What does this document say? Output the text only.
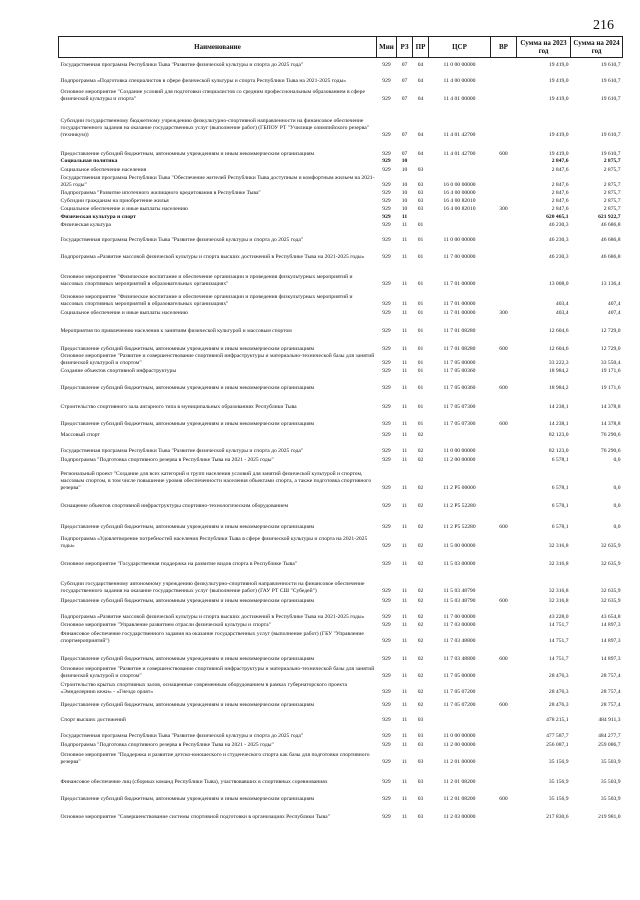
216
Наименование	Мин	РЗ	ПР	ЦСР	ВР	Сумма на 2023 год	Сумма на 2024 год
Государственная программа Республики Тыва "Развитие физической культуры и спорта до 2025 года"	929	07	04	11 0 00 00000		19 419,0	19 610,7
Подпрограмма «Подготовка специалистов в сфере физической культуры и спорта Республики Тыва на 2021-2025 годы»	929	07	04	11 4 00 00000		19 419,0	19 610,7
Основное мероприятие "Создание условий для подготовки специалистов со средним профессиональным образованием в сфере физической культуры и спорта"	929	07	04	11 4 01 00000		19 419,0	19 610,7
Субсидии государственному бюджетному учреждению физкультурно-спортивной направленности на финансовое обеспечение государственного задания на оказание государственных услуг (выполнение работ) (ГБПОУ РТ "Училище олимпийского резерва" (техникум))	929	07	04	11 4 01 42700		19 419,0	19 610,7
Предоставление субсидий бюджетным, автономным учреждениям и иным некоммерческим организациям	929	07	04	11 4 01 42700	600	19 419,0	19 610,7
Социальная политика	929	10				2 847,6	2 875,7
Социальное обеспечение населения	929	10	03			2 847,6	2 875,7
Государственная программа Республики Тыва "Обеспечение жителей Республики Тыва доступным и комфортным жильем на 2021-2025 годы"	929	10	03	16 0 00 00000		2 847,6	2 875,7
Подпрограмма "Развитие ипотечного жилищного кредитования в Республике Тыва"	929	10	03	16 4 00 00000		2 847,6	2 875,7
Субсидии гражданам на приобретение жилья	929	10	03	16 4 00 82010		2 847,6	2 875,7
Социальное обеспечение и иные выплаты населению	929	10	03	16 4 00 82010	300	2 847,6	2 875,7
Физическая культура и спорт	929	11				620 465,1	621 922,7
Физическая культура	929	11	01			46 230,3	46 686,8
Государственная программа Республики Тыва "Развитие физической культуры и спорта до 2025 года"	929	11	01	11 0 00 00000		46 230,3	46 686,8
Подпрограмма «Развитие массовой физической культуры и спорта высших достижений в Республике Тыва на 2021-2025 годы»	929	11	01	11 7 00 00000		46 230,3	46 686,8
Основное мероприятие "Физическое воспитание и обеспечение организации и проведения физкультурных мероприятий и массовых спортивных мероприятий в образовательных организациях"	929	11	01	11 7 01 00000		13 008,0	13 136,4
Основное мероприятие "Физическое воспитание и обеспечение организации и проведения физкультурных мероприятий и массовых спортивных мероприятий в образовательных организациях"	929	11	01	11 7 01 00000		403,4	407,4
Социальное обеспечение и иные выплаты населению	929	11	01	11 7 01 00000	300	403,4	407,4
Мероприятия по привлечению населения к занятиям физической культурой и массовым спортом	929	11	01	11 7 01 08280		12 604,6	12 729,0
Предоставление субсидий бюджетным, автономным учреждениям и иным некоммерческим организациям	929	11	01	11 7 01 08280	600	12 604,6	12 729,0
Основное мероприятие "Развитие и совершенствование спортивной инфраструктуры и материально-технической базы для занятий физической культурой и спортом"	929	11	01	11 7 05 00000		33 222,3	33 550,4
Создание объектов спортивной инфраструктуры	929	11	01	11 7 05 00360		18 984,2	19 171,6
Предоставление субсидий бюджетным, автономным учреждениям и иным некоммерческим организациям	929	11	01	11 7 05 00360	600	18 984,2	19 171,6
Строительство спортивного зала ангарного типа в муниципальных образованиях Республики Тыва	929	11	01	11 7 05 07300		14 238,1	14 378,8
Предоставление субсидий бюджетным, автономным учреждениям и иным некоммерческим организациям	929	11	01	11 7 05 07300	600	14 238,1	14 378,8
Массовый спорт	929	11	02			82 123,0	76 290,6
Государственная программа Республики Тыва "Развитие физической культуры и спорта до 2025 года"	929	11	02	11 0 00 00000		82 123,0	76 290,6
Подпрограмма "Подготовка спортивного резерва в Республике Тыва на 2021 - 2025 годы"	929	11	02	11 2 00 00000		6 578,1	0,0
Региональный проект "Создание для всех категорий и групп населения условий для занятий физической культурой и спортом, массовым спортом, в том числе повышение уровня обеспеченности населения объектами спорта, а также подготовка спортивного резерва"	929	11	02	11 2 P5 00000		6 578,1	0,0
Оснащение объектов спортивной инфраструктуры спортивно-технологическим оборудованием	929	11	02	11 2 P5 52280		6 578,1	0,0
Предоставление субсидий бюджетным, автономным учреждениям и иным некоммерческим организациям	929	11	02	11 2 P5 52280	600	6 578,1	0,0
Подпрограмма «Удовлетворение потребностей населения Республики Тыва в сфере физической культуры и спорта на 2021-2025 годы»	929	11	02	11 5 00 00000		32 316,8	32 635,9
Основное мероприятие "Государственная поддержка на развитие видов спорта в Республике Тыва"	929	11	02	11 5 03 00000		32 316,8	32 635,9
Субсидии государственному автономному учреждению физкультурно-спортивной направленности на финансовое обеспечение государственного задания на оказание государственных услуг (выполнение работ) (ГАУ РТ СШ "Субедей")	929	11	02	11 5 03 48790		32 316,8	32 635,9
Предоставление субсидий бюджетным, автономным учреждениям и иным некоммерческим организациям	929	11	02	11 5 03 48790	600	32 316,8	32 635,9
Подпрограмма «Развитие массовой физической культуры и спорта высших достижений в Республике Тыва на 2021-2025 годы»	929	11	02	11 7 00 00000		43 228,0	43 654,8
Основное мероприятие "Управление развитием отрасли физической культуры и спорта"	929	11	02	11 7 03 00000		14 751,7	14 897,3
Финансовое обеспечение государственного задания на оказание государственных услуг (выполнение работ) (ГБУ "Управление спортмероприятий")	929	11	02	11 7 03 48800		14 751,7	14 897,3
Предоставление субсидий бюджетным, автономным учреждениям и иным некоммерческим организациям	929	11	02	11 7 03 48800	600	14 751,7	14 897,3
Основное мероприятие "Развитие и совершенствование спортивной инфраструктуры и материально-технической базы для занятий физической культурой и спортом"	929	11	02	11 7 05 00000		28 476,3	28 757,4
Строительство крытых спортивных залов, оснащенные современным оборудованием в рамках губернаторского проекта «Эмнделерниn кежи» - «Гнездо орлят»	929	11	02	11 7 05 07200		28 476,3	28 757,4
Предоставление субсидий бюджетным, автономным учреждениям и иным некоммерческим организациям	929	11	02	11 7 05 07200	600	28 476,3	28 757,4
Спорт высших достижений	929	11	03			478 215,1	484 911,3
Государственная программа Республики Тыва "Развитие физической культуры и спорта до 2025 года"	929	11	03	11 0 00 00000		477 587,7	484 277,7
Подпрограмма "Подготовка спортивного резерва в Республике Тыва на 2021 - 2025 годы"	929	11	03	11 2 00 00000		256 087,1	259 086,7
Основное мероприятие "Поддержка и развитие детско-юношеского и студенческого спорта как базы для подготовки спортивного резерва"	929	11	03	11 2 01 00000		35 156,9	35 503,9
Финансовое обеспечение лиц (сборных команд Республики Тыва), участвовавших в спортивных соревнованиях	929	11	03	11 2 01 08200		35 156,9	35 503,9
Предоставление субсидий бюджетным, автономным учреждениям и иным некоммерческим организациям	929	11	03	11 2 01 08200	600	35 156,9	35 503,9
Основное мероприятие "Совершенствование системы спортивной подготовки в организациях Республики Тыва"	929	11	03	11 2 03 00000		217 830,6	219 981,0
